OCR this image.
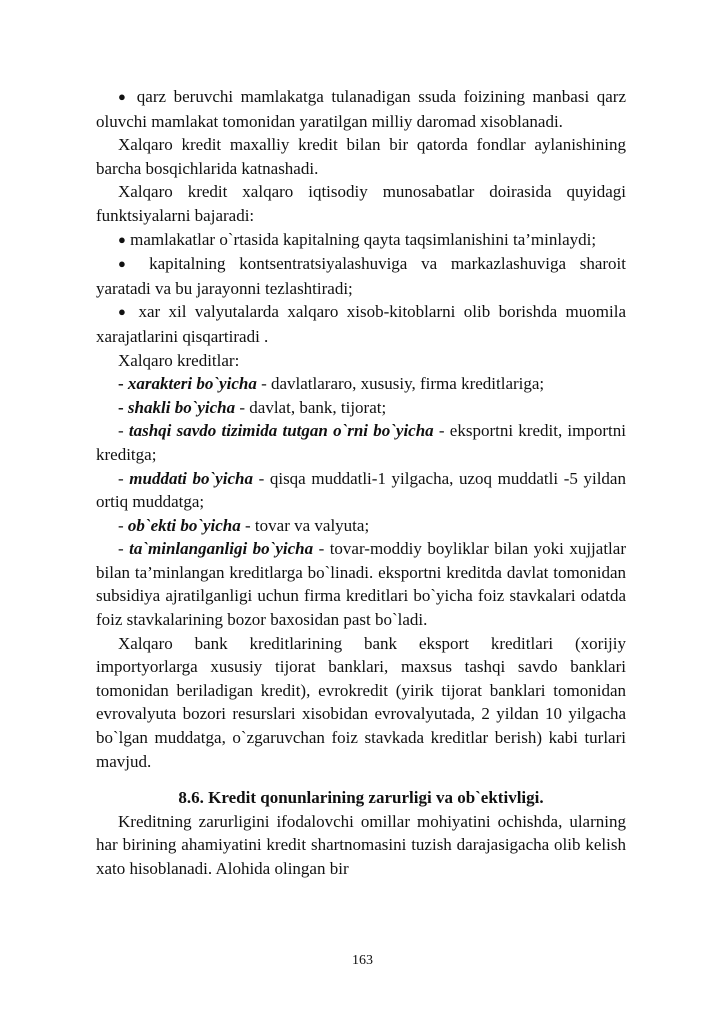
● qarz beruvchi mamlakatga tulanadigan ssuda foizining manbasi qarz oluvchi mamlakat tomonidan yaratilgan milliy daromad xisoblanadi.

Xalqaro kredit maxalliy kredit bilan bir qatorda fondlar aylanishining barcha bosqichlarida katnashadi.

Xalqaro kredit xalqaro iqtisodiy munosabatlar doirasida quyidagi funktsiyalarni bajaradi:

● mamlakatlar o`rtasida kapitalning qayta taqsimlanishini ta’minlaydi;

● kapitalning kontsentratsiyalashuviga va markazlashuviga sharoit yaratadi va bu jarayonni tezlashtiradi;

● xar xil valyutalarda xalqaro xisob-kitoblarni olib borishda muomila xarajatlarini qisqartiradi .

Xalqaro kreditlar:

- xarakteri bo`yicha - davlatlararo, xususiy, firma kreditlariga;

- shakli bo`yicha - davlat, bank, tijorat;

- tashqi savdo tizimida tutgan o`rni bo`yicha - eksportni kredit, importni kreditga;

- muddati bo`yicha - qisqa muddatli-1 yilgacha, uzoq muddatli -5 yildan ortiq muddatga;

- ob`ekti bo`yicha - tovar va valyuta;

- ta`minlanganligi bo`yicha - tovar-moddiy boyliklar bilan yoki xujjatlar bilan ta’minlangan kreditlarga bo`linadi. eksportni kreditda davlat tomonidan subsidiya ajratilganligi uchun firma kreditlari bo`yicha foiz stavkalari odatda foiz stavkalarining bozor baxosidan past bo`ladi.

Xalqaro bank kreditlarining bank eksport kreditlari (xorijiy importyorlarga xususiy tijorat banklari, maxsus tashqi savdo banklari tomonidan beriladigan kredit), evrokredit (yirik tijorat banklari tomonidan evrovalyuta bozori resurslari xisobidan evrovalyutada, 2 yildan 10 yilgacha bo`lgan muddatga, o`zgaruvchan foiz stavkada kreditlar berish) kabi turlari mavjud.

8.6. Kredit qonunlarining zarurligi va ob`ektivligi.

Kreditning zarurligini ifodalovchi omillar mohiyatini ochishda, ularning har birining ahamiyatini kredit shartnomasini tuzish darajasigacha olib kelish xato hisoblanadi. Alohida olingan bir

163
